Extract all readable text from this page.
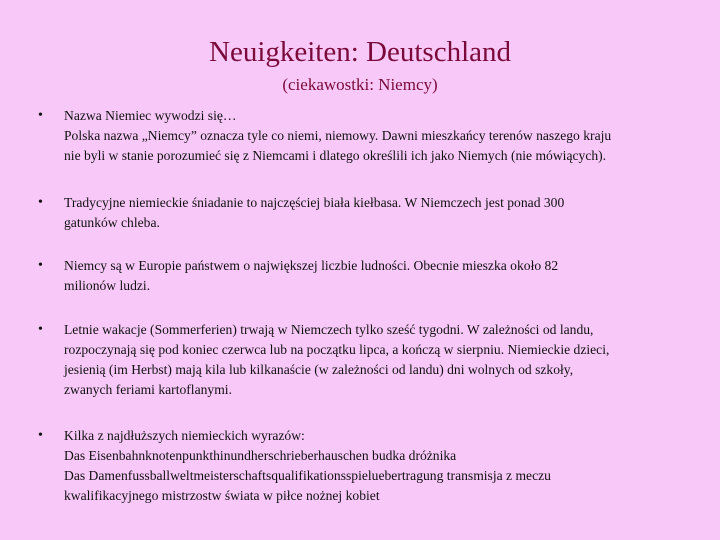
Neuigkeiten: Deutschland
(ciekawostki: Niemcy)
• Nazwa Niemiec wywodzi się…
Polska nazwa „Niemcy” oznacza tyle co niemi, niemowy. Dawni mieszkańcy terenów naszego kraju
nie byli w stanie porozumieć się z Niemcami i dlatego określili ich jako Niemych (nie mówiących).
• Tradycyjne niemieckie śniadanie to najczęściej biała kiełbasa. W Niemczech jest ponad 300
gatunków chleba.
• Niemcy są w Europie państwem o największej liczbie ludności. Obecnie mieszka około 82
milionów ludzi.
• Letnie wakacje (Sommerferien) trwają w Niemczech tylko sześć tygodni. W zależności od landu,
rozpoczynają się pod koniec czerwca lub na początku lipca, a kończą w sierpniu. Niemieckie dzieci,
jesienią (im Herbst) mają kila lub kilkanaście (w zależności od landu) dni wolnych od szkoły,
zwanych feriami kartoflanymi.
• Kilka z najdłuższych niemieckich wyrazów:
Das Eisenbahnknotenpunkthinundherschrieberhauschen budka dróżnika
Das Damenfussballweltmeisterschaftsqualifikationsspieluebertragung transmisja z meczu
kwalifikacyjnego mistrzostw świata w piłce nożnej kobiet
